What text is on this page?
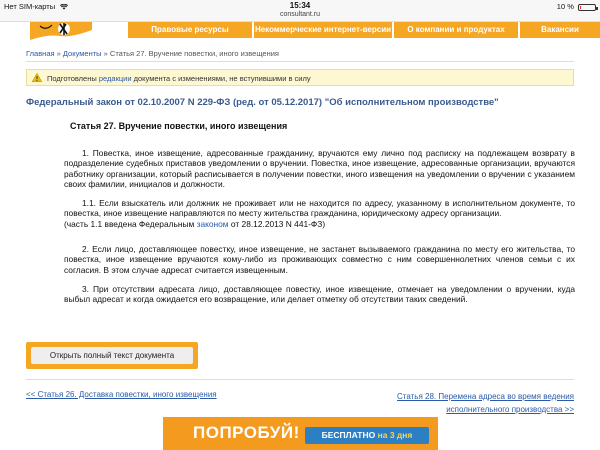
Нет SIM-карты	15:34	10 %
consultant.ru
Правовые ресурсы	Некоммерческие интернет-версии	О компании и продуктах	Вакансии
Главная » Документы » Статья 27. Вручение повестки, иного извещения
Подготовлены редакции документа с изменениями, не вступившими в силу
Федеральный закон от 02.10.2007 N 229-ФЗ (ред. от 05.12.2017) "Об исполнительном производстве"
Статья 27. Вручение повестки, иного извещения
1. Повестка, иное извещение, адресованные гражданину, вручаются ему лично под расписку на подлежащем возврату в подразделение судебных приставов уведомлении о вручении. Повестка, иное извещение, адресованные организации, вручаются работнику организации, который расписывается в получении повестки, иного извещения на уведомлении о вручении с указанием своих фамилии, инициалов и должности.
1.1. Если взыскатель или должник не проживает или не находится по адресу, указанному в исполнительном документе, то повестка, иное извещение направляются по месту жительства гражданина, юридическому адресу организации.
(часть 1.1 введена Федеральным законом от 28.12.2013 N 441-ФЗ)
2. Если лицо, доставляющее повестку, иное извещение, не застанет вызываемого гражданина по месту его жительства, то повестка, иное извещение вручаются кому-либо из проживающих совместно с ним совершеннолетних членов семьи с их согласия. В этом случае адресат считается извещенным.
3. При отсутствии адресата лицо, доставляющее повестку, иное извещение, отмечает на уведомлении о вручении, куда выбыл адресат и когда ожидается его возвращение, или делает отметку об отсутствии таких сведений.
Открыть полный текст документа
<< Статья 26. Доставка повестки, иного извещения	Статья 28. Перемена адреса во время ведения
исполнительного производства >>
ПОПРОБУЙ!	БЕСПЛАТНО на 3 дня
